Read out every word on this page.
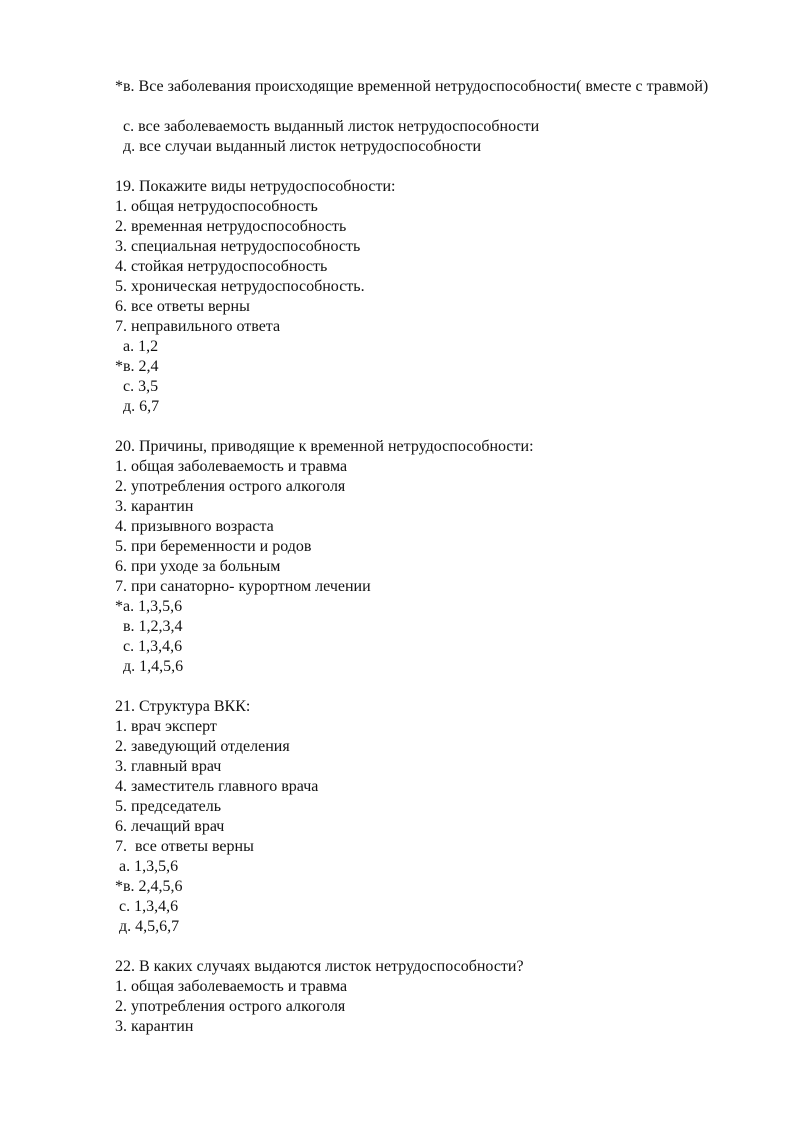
*в. Все заболевания происходящие временной нетрудоспособности( вместе с травмой)
с. все заболеваемость выданный листок нетрудоспособности
д. все случаи выданный листок нетрудоспособности
19. Покажите виды нетрудоспособности:
1. общая нетрудоспособность
2. временная нетрудоспособность
3. специальная нетрудоспособность
4. стойкая нетрудоспособность
5. хроническая нетрудоспособность.
6. все ответы верны
7. неправильного ответа
а. 1,2
*в. 2,4
с. 3,5
д. 6,7
20. Причины, приводящие к временной нетрудоспособности:
1. общая заболеваемость и травма
2. употребления острого алкоголя
3. карантин
4. призывного возраста
5. при беременности и родов
6. при уходе за больным
7. при санаторно- курортном лечении
*а. 1,3,5,6
в. 1,2,3,4
с. 1,3,4,6
д. 1,4,5,6
21. Структура ВКК:
1. врач эксперт
2. заведующий отделения
3. главный врач
4. заместитель главного врача
5. председатель
6. лечащий врач
7.  все ответы верны
а. 1,3,5,6
*в. 2,4,5,6
с. 1,3,4,6
д. 4,5,6,7
22. В каких случаях выдаются листок нетрудоспособности?
1. общая заболеваемость и травма
2. употребления острого алкоголя
3. карантин
